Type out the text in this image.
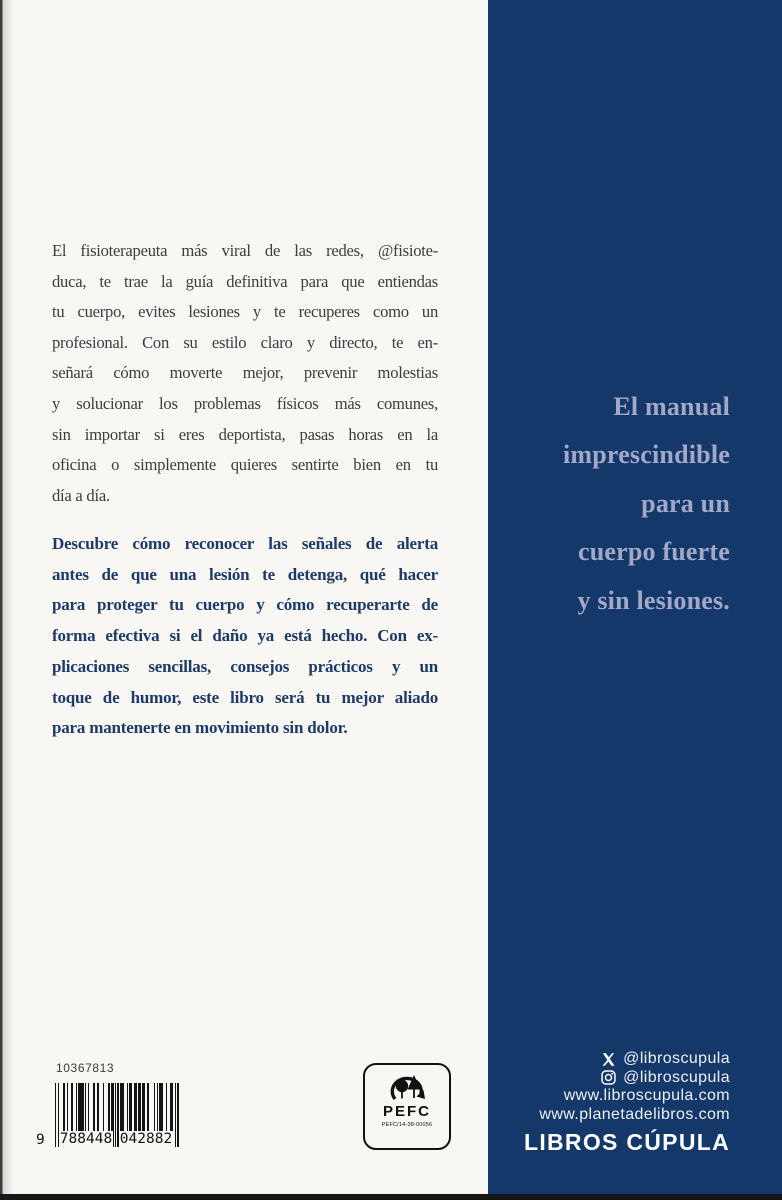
El fisioterapeuta más viral de las redes, @fisiote-
duca, te trae la guía definitiva para que entiendas
tu cuerpo, evites lesiones y te recuperes como un
profesional. Con su estilo claro y directo, te en-
señará cómo moverte mejor, prevenir molestias
y solucionar los problemas físicos más comunes,
sin importar si eres deportista, pasas horas en la
oficina o simplemente quieres sentirte bien en tu
día a día.
Descubre cómo reconocer las señales de alerta
antes de que una lesión te detenga, qué hacer
para proteger tu cuerpo y cómo recuperarte de
forma efectiva si el daño ya está hecho. Con ex-
plicaciones sencillas, consejos prácticos y un
toque de humor, este libro será tu mejor aliado
para mantenerte en movimiento sin dolor.
10367813
9 788448 042882
PEFC
PEFC/14-38-00056
El manual
imprescindible
para un
cuerpo fuerte
y sin lesiones.
@libroscupula
@libroscupula
www.libroscupula.com
www.planetadelibros.com
LIBROS CÚPULA
